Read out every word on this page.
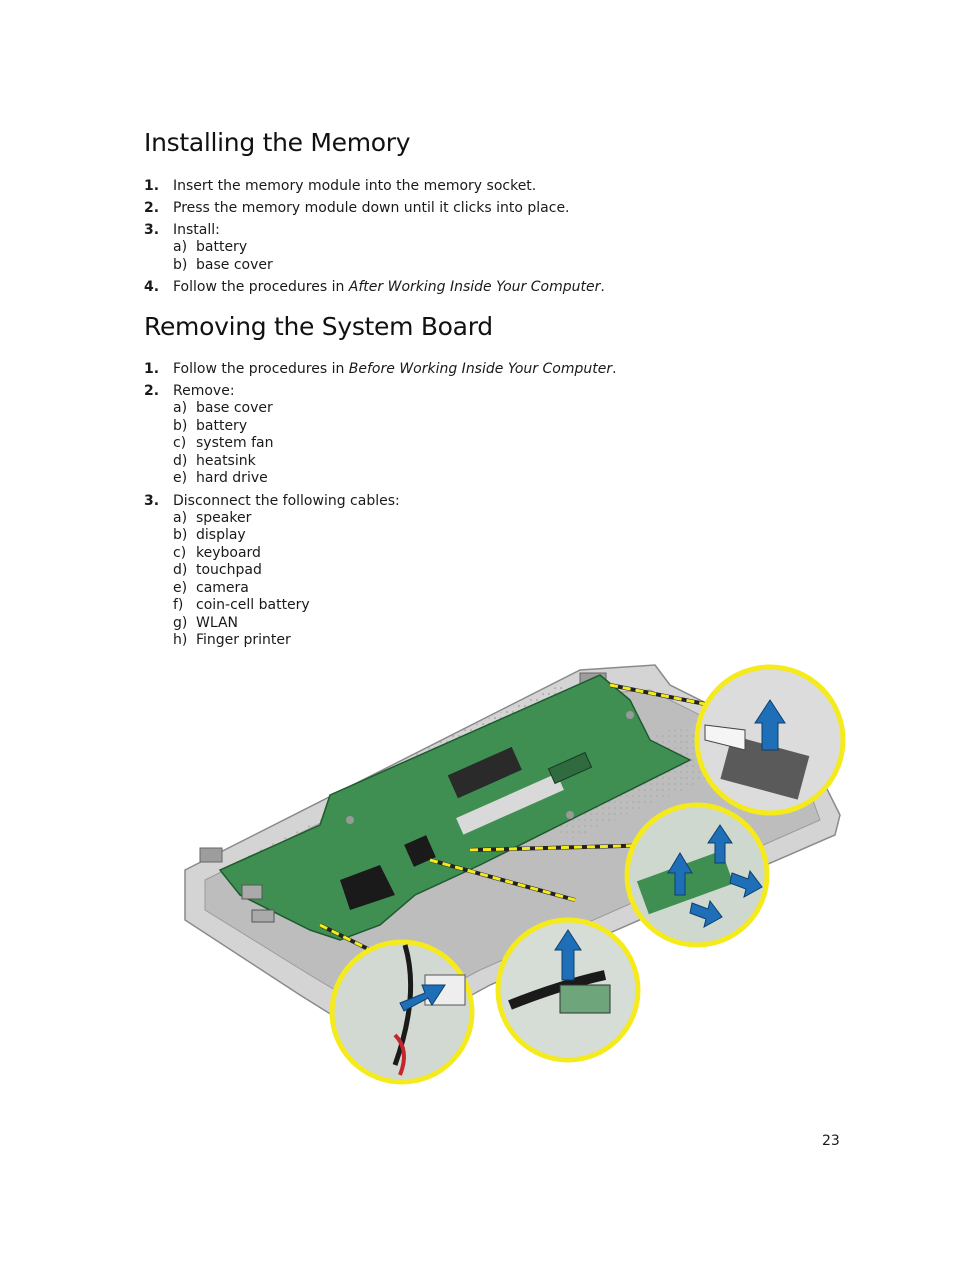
Installing the Memory
1. Insert the memory module into the memory socket.
2. Press the memory module down until it clicks into place.
3. Install:
a) battery
b) base cover
4. Follow the procedures in After Working Inside Your Computer.
Removing the System Board
1. Follow the procedures in Before Working Inside Your Computer.
2. Remove:
a) base cover
b) battery
c) system fan
d) heatsink
e) hard drive
3. Disconnect the following cables:
a) speaker
b) display
c) keyboard
d) touchpad
e) camera
f) coin-cell battery
g) WLAN
h) Finger printer
23
